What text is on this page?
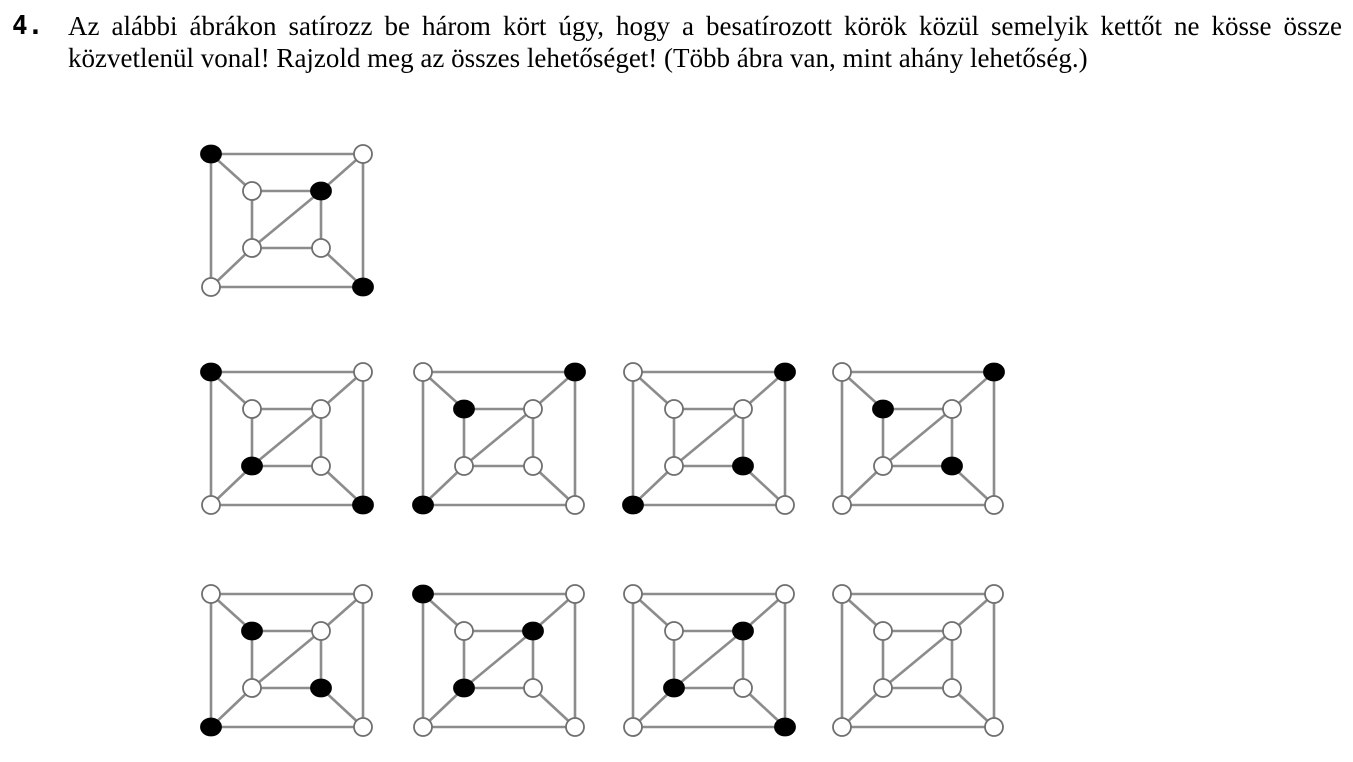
4. Az alábbi ábrákon satírozz be három kört úgy, hogy a besatírozott körök közül semelyik kettőt ne kösse össze közvetlenül vonal! Rajzold meg az összes lehetőséget! (Több ábra van, mint ahány lehetőség.)
